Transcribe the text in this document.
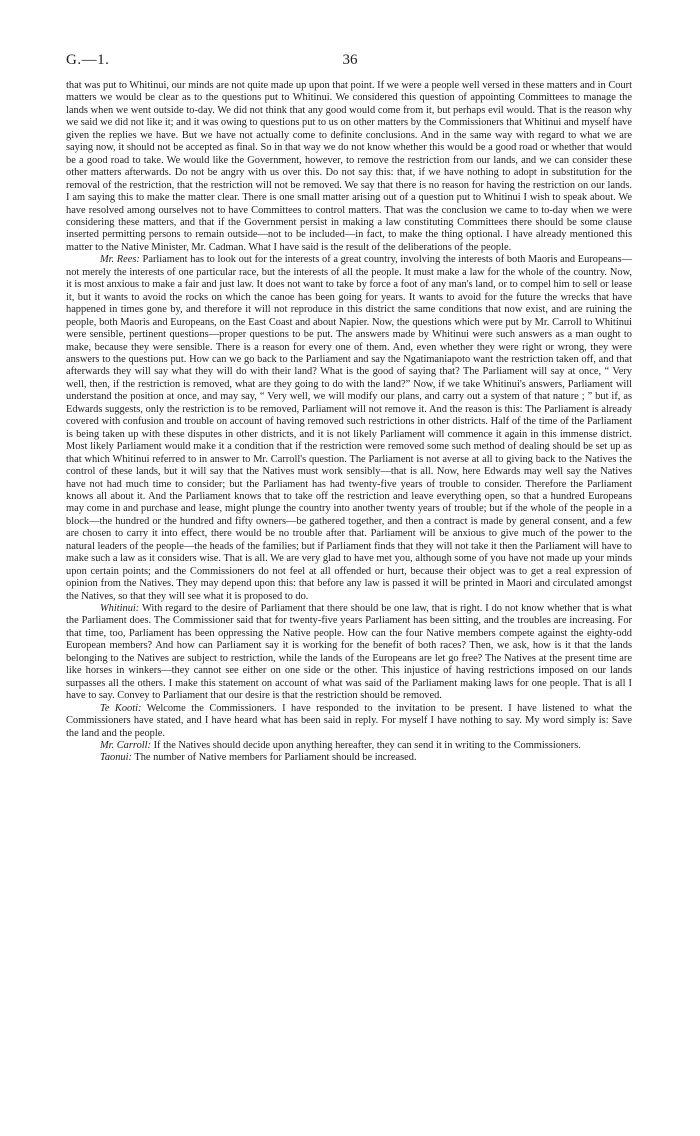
G.—1.	36

that was put to Whitinui, our minds are not quite made up upon that point. If we were a people well versed in these matters and in Court matters we would be clear as to the questions put to Whitinui. We considered this question of appointing Committees to manage the lands when we went outside to-day. We did not think that any good would come from it, but perhaps evil would. That is the reason why we said we did not like it; and it was owing to questions put to us on other matters by the Commissioners that Whitinui and myself have given the replies we have. But we have not actually come to definite conclusions. And in the same way with regard to what we are saying now, it should not be accepted as final. So in that way we do not know whether this would be a good road or whether that would be a good road to take. We would like the Government, however, to remove the restriction from our lands, and we can consider these other matters afterwards. Do not be angry with us over this. Do not say this: that, if we have nothing to adopt in substitution for the removal of the restriction, that the restriction will not be removed. We say that there is no reason for having the restriction on our lands. I am saying this to make the matter clear. There is one small matter arising out of a question put to Whitinui I wish to speak about. We have resolved among ourselves not to have Committees to control matters. That was the conclusion we came to to-day when we were considering these matters, and that if the Government persist in making a law constituting Committees there should be some clause inserted permitting persons to remain outside—not to be included—in fact, to make the thing optional. I have already mentioned this matter to the Native Minister, Mr. Cadman. What I have said is the result of the deliberations of the people.

Mr. Rees: Parliament has to look out for the interests of a great country, involving the interests of both Maoris and Europeans—not merely the interests of one particular race, but the interests of all the people. It must make a law for the whole of the country. Now, it is most anxious to make a fair and just law. It does not want to take by force a foot of any man's land, or to compel him to sell or lease it, but it wants to avoid the rocks on which the canoe has been going for years. It wants to avoid for the future the wrecks that have happened in times gone by, and therefore it will not reproduce in this district the same conditions that now exist, and are ruining the people, both Maoris and Europeans, on the East Coast and about Napier. Now, the questions which were put by Mr. Carroll to Whitinui were sensible, pertinent questions—proper questions to be put. The answers made by Whitinui were such answers as a man ought to make, because they were sensible. There is a reason for every one of them. And, even whether they were right or wrong, they were answers to the questions put. How can we go back to the Parliament and say the Ngatimaniapoto want the restriction taken off, and that afterwards they will say what they will do with their land? What is the good of saying that? The Parliament will say at once, “ Very well, then, if the restriction is removed, what are they going to do with the land?” Now, if we take Whitinui's answers, Parliament will understand the position at once, and may say, “ Very well, we will modify our plans, and carry out a system of that nature ; ” but if, as Edwards suggests, only the restriction is to be removed, Parliament will not remove it. And the reason is this: The Parliament is already covered with confusion and trouble on account of having removed such restrictions in other districts. Half of the time of the Parliament is being taken up with these disputes in other districts, and it is not likely Parliament will commence it again in this immense district. Most likely Parliament would make it a condition that if the restriction were removed some such method of dealing should be set up as that which Whitinui referred to in answer to Mr. Carroll's question. The Parliament is not averse at all to giving back to the Natives the control of these lands, but it will say that the Natives must work sensibly—that is all. Now, here Edwards may well say the Natives have not had much time to consider; but the Parliament has had twenty-five years of trouble to consider. Therefore the Parliament knows all about it. And the Parliament knows that to take off the restriction and leave everything open, so that a hundred Europeans may come in and purchase and lease, might plunge the country into another twenty years of trouble; but if the whole of the people in a block—the hundred or the hundred and fifty owners—be gathered together, and then a contract is made by general consent, and a few are chosen to carry it into effect, there would be no trouble after that. Parliament will be anxious to give much of the power to the natural leaders of the people—the heads of the families; but if Parliament finds that they will not take it then the Parliament will have to make such a law as it considers wise. That is all. We are very glad to have met you, although some of you have not made up your minds upon certain points; and the Commissioners do not feel at all offended or hurt, because their object was to get a real expression of opinion from the Natives. They may depend upon this: that before any law is passed it will be printed in Maori and circulated amongst the Natives, so that they will see what it is proposed to do.

Whitinui: With regard to the desire of Parliament that there should be one law, that is right. I do not know whether that is what the Parliament does. The Commissioner said that for twenty-five years Parliament has been sitting, and the troubles are increasing. For that time, too, Parliament has been oppressing the Native people. How can the four Native members compete against the eighty-odd European members? And how can Parliament say it is working for the benefit of both races? Then, we ask, how is it that the lands belonging to the Natives are subject to restriction, while the lands of the Europeans are let go free? The Natives at the present time are like horses in winkers—they cannot see either on one side or the other. This injustice of having restrictions imposed on our lands surpasses all the others. I make this statement on account of what was said of the Parliament making laws for one people. That is all I have to say. Convey to Parliament that our desire is that the restriction should be removed.

Te Kooti: Welcome the Commissioners. I have responded to the invitation to be present. I have listened to what the Commissioners have stated, and I have heard what has been said in reply. For myself I have nothing to say. My word simply is: Save the land and the people.

Mr. Carroll: If the Natives should decide upon anything hereafter, they can send it in writing to the Commissioners.

Taonui: The number of Native members for Parliament should be increased.
